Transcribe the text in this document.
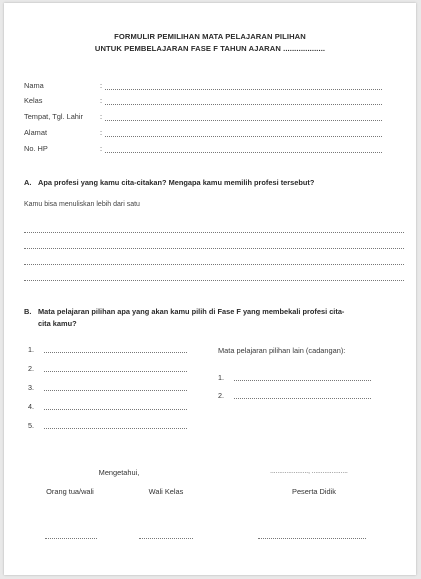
FORMULIR PEMILIHAN MATA PELAJARAN PILIHAN
UNTUK PEMBELAJARAN FASE F TAHUN AJARAN ...................
Nama	:
Kelas	:
Tempat, Tgl. Lahir :
Alamat	:
No. HP	:
A. Apa profesi yang kamu cita-citakan? Mengapa kamu memilih profesi tersebut?
Kamu bisa menuliskan lebih dari satu
B. Mata pelajaran pilihan apa yang akan kamu pilih di Fase F yang membekali profesi cita-
cita kamu?
1.
2.
3.
4.
5.
Mata pelajaran pilihan lain (cadangan):
1.
2.
Mengetahui,	....................., ....................
Orang tua/wali	Wali Kelas	Peserta Didik
